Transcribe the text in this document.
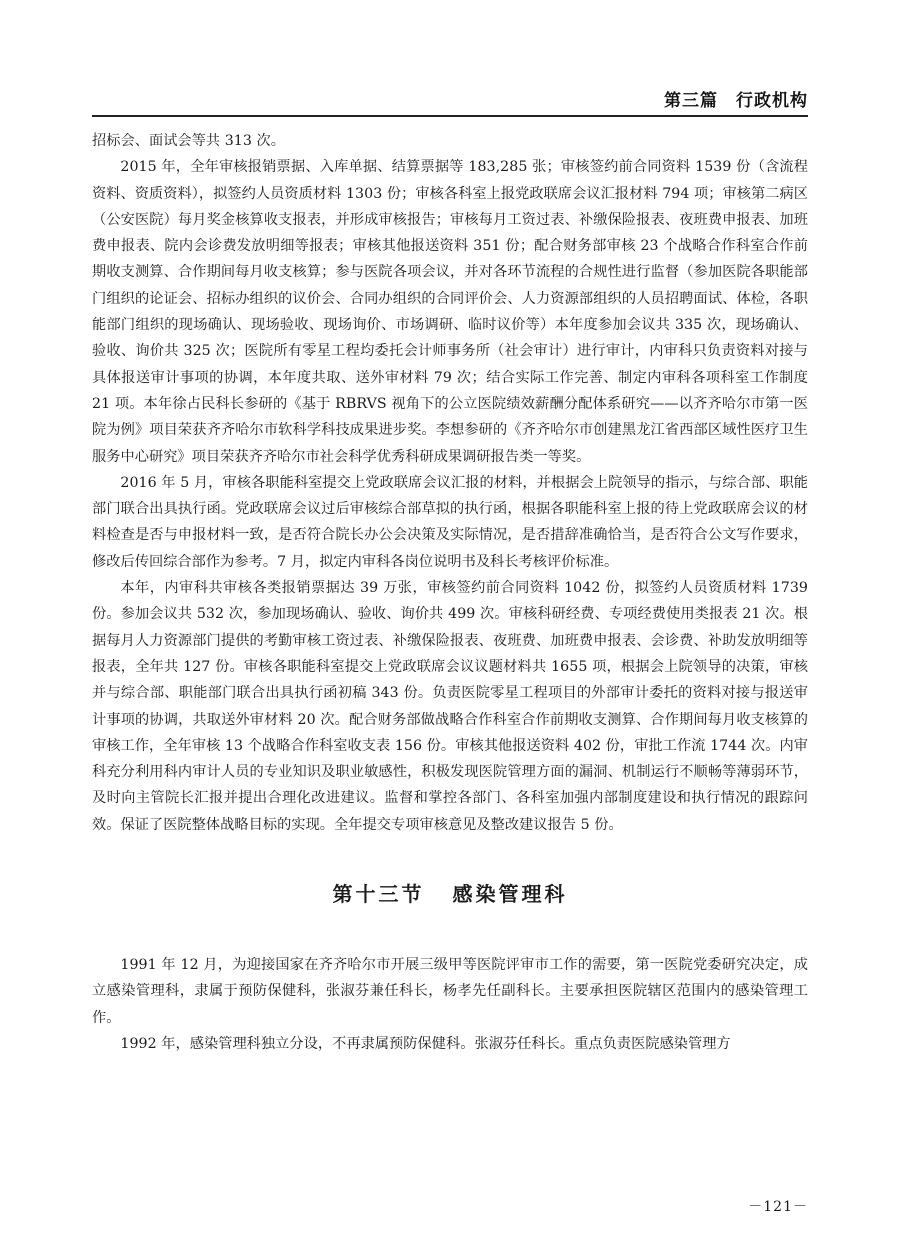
第三篇　行政机构

招标会、面试会等共 313 次。

2015 年，全年审核报销票据、入库单据、结算票据等 183,285 张；审核签约前合同资料 1539 份（含流程资料、资质资料），拟签约人员资质材料 1303 份；审核各科室上报党政联席会议汇报材料 794 项；审核第二病区（公安医院）每月奖金核算收支报表，并形成审核报告；审核每月工资过表、补缴保险报表、夜班费申报表、加班费申报表、院内会诊费发放明细等报表；审核其他报送资料 351 份；配合财务部审核 23 个战略合作科室合作前期收支测算、合作期间每月收支核算；参与医院各项会议，并对各环节流程的合规性进行监督（参加医院各职能部门组织的论证会、招标办组织的议价会、合同办组织的合同评价会、人力资源部组织的人员招聘面试、体检，各职能部门组织的现场确认、现场验收、现场询价、市场调研、临时议价等）本年度参加会议共 335 次，现场确认、验收、询价共 325 次；医院所有零星工程均委托会计师事务所（社会审计）进行审计，内审科只负责资料对接与具体报送审计事项的协调，本年度共取、送外审材料 79 次；结合实际工作完善、制定内审科各项科室工作制度 21 项。本年徐占民科长参研的《基于 RBRVS 视角下的公立医院绩效薪酬分配体系研究——以齐齐哈尔市第一医院为例》项目荣获齐齐哈尔市软科学科技成果进步奖。李想参研的《齐齐哈尔市创建黑龙江省西部区域性医疗卫生服务中心研究》项目荣获齐齐哈尔市社会科学优秀科研成果调研报告类一等奖。

2016 年 5 月，审核各职能科室提交上党政联席会议汇报的材料，并根据会上院领导的指示，与综合部、职能部门联合出具执行函。党政联席会议过后审核综合部草拟的执行函，根据各职能科室上报的待上党政联席会议的材料检查是否与申报材料一致，是否符合院长办公会决策及实际情况，是否措辞准确恰当，是否符合公文写作要求，修改后传回综合部作为参考。7 月，拟定内审科各岗位说明书及科长考核评价标准。

本年，内审科共审核各类报销票据达 39 万张，审核签约前合同资料 1042 份，拟签约人员资质材料 1739 份。参加会议共 532 次，参加现场确认、验收、询价共 499 次。审核科研经费、专项经费使用类报表 21 次。根据每月人力资源部门提供的考勤审核工资过表、补缴保险报表、夜班费、加班费申报表、会诊费、补助发放明细等报表，全年共 127 份。审核各职能科室提交上党政联席会议议题材料共 1655 项，根据会上院领导的决策，审核并与综合部、职能部门联合出具执行函初稿 343 份。负责医院零星工程项目的外部审计委托的资料对接与报送审计事项的协调，共取送外审材料 20 次。配合财务部做战略合作科室合作前期收支测算、合作期间每月收支核算的审核工作，全年审核 13 个战略合作科室收支表 156 份。审核其他报送资料 402 份，审批工作流 1744 次。内审科充分利用科内审计人员的专业知识及职业敏感性，积极发现医院管理方面的漏洞、机制运行不顺畅等薄弱环节，及时向主管院长汇报并提出合理化改进建议。监督和掌控各部门、各科室加强内部制度建设和执行情况的跟踪问效。保证了医院整体战略目标的实现。全年提交专项审核意见及整改建议报告 5 份。

第十三节 感染管理科

1991 年 12 月，为迎接国家在齐齐哈尔市开展三级甲等医院评审市工作的需要，第一医院党委研究决定，成立感染管理科，隶属于预防保健科，张淑芬兼任科长，杨孝先任副科长。主要承担医院辖区范围内的感染管理工作。

1992 年，感染管理科独立分设，不再隶属预防保健科。张淑芬任科长。重点负责医院感染管理方

－121－
